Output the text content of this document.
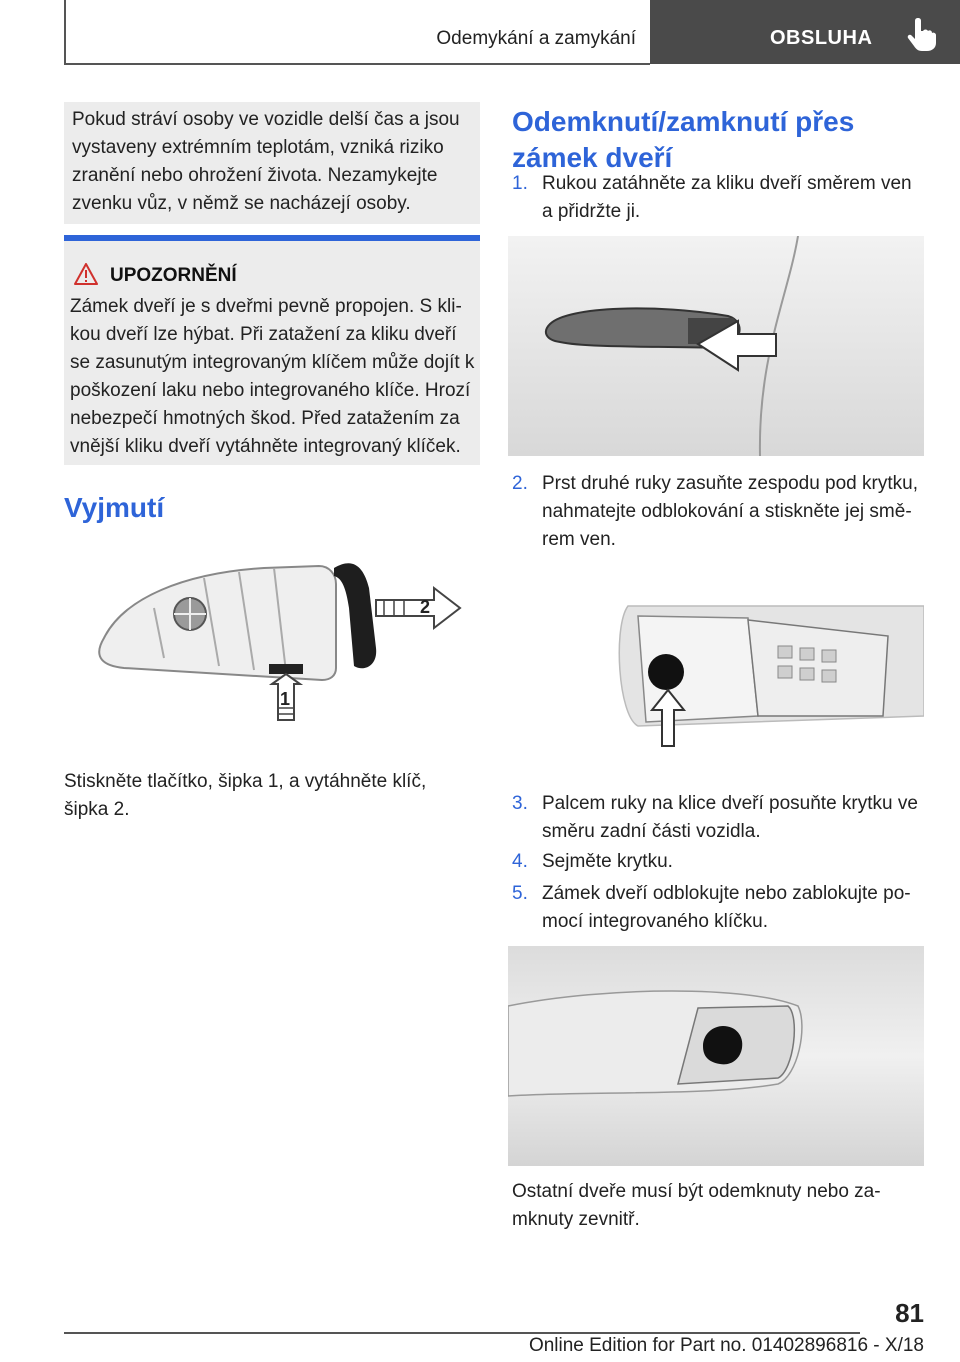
Odemykání a zamykání	OBSLUHA
Pokud stráví osoby ve vozidle delší čas a jsou vystaveny extrémním teplotám, vzniká riziko zranění nebo ohrožení života. Nezamykejte zvenku vůz, v němž se nacházejí osoby.
UPOZORNĚNÍ
Zámek dveří je s dveřmi pevně propojen. S klikou dveří lze hýbat. Při zatažení za kliku dveří se zasunutým integrovaným klíčem může dojít k poškození laku nebo integrovaného klíče. Hrozí nebezpečí hmotných škod. Před zatažením za vnější kliku dveří vytáhněte integrovaný klíček.
Vyjmutí
1
2
Stiskněte tlačítko, šipka 1, a vytáhněte klíč, šipka 2.
Odemknutí/zamknutí přes zámek dveří
1. Rukou zatáhněte za kliku dveří směrem ven a přidržte ji.
2. Prst druhé ruky zasuňte zespodu pod krytku, nahmatejte odblokování a stiskněte jej směrem ven.
3. Palcem ruky na klice dveří posuňte krytku ve směru zadní části vozidla.
4. Sejměte krytku.
5. Zámek dveří odblokujte nebo zablokujte pomocí integrovaného klíčku.
Ostatní dveře musí být odemknuty nebo zamknuty zevnitř.
81
Online Edition for Part no. 01402896816 - X/18
